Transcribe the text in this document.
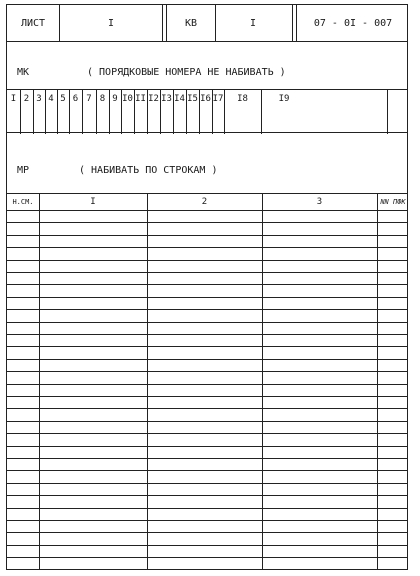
ЛИСТ	I	КВ	I	07 - 0I - 007
МК	( ПОРЯДКОВЫЕ НОМЕРА НЕ НАБИВАТЬ )
I 2 3 4 5 6 7 8 9 I0 II I2 I3 I4 I5 I6 I7	I8	I9
МР	( НАБИВАТЬ ПО СТРОКАМ )
Н.СМ.	I	2	3	NN ПФК
